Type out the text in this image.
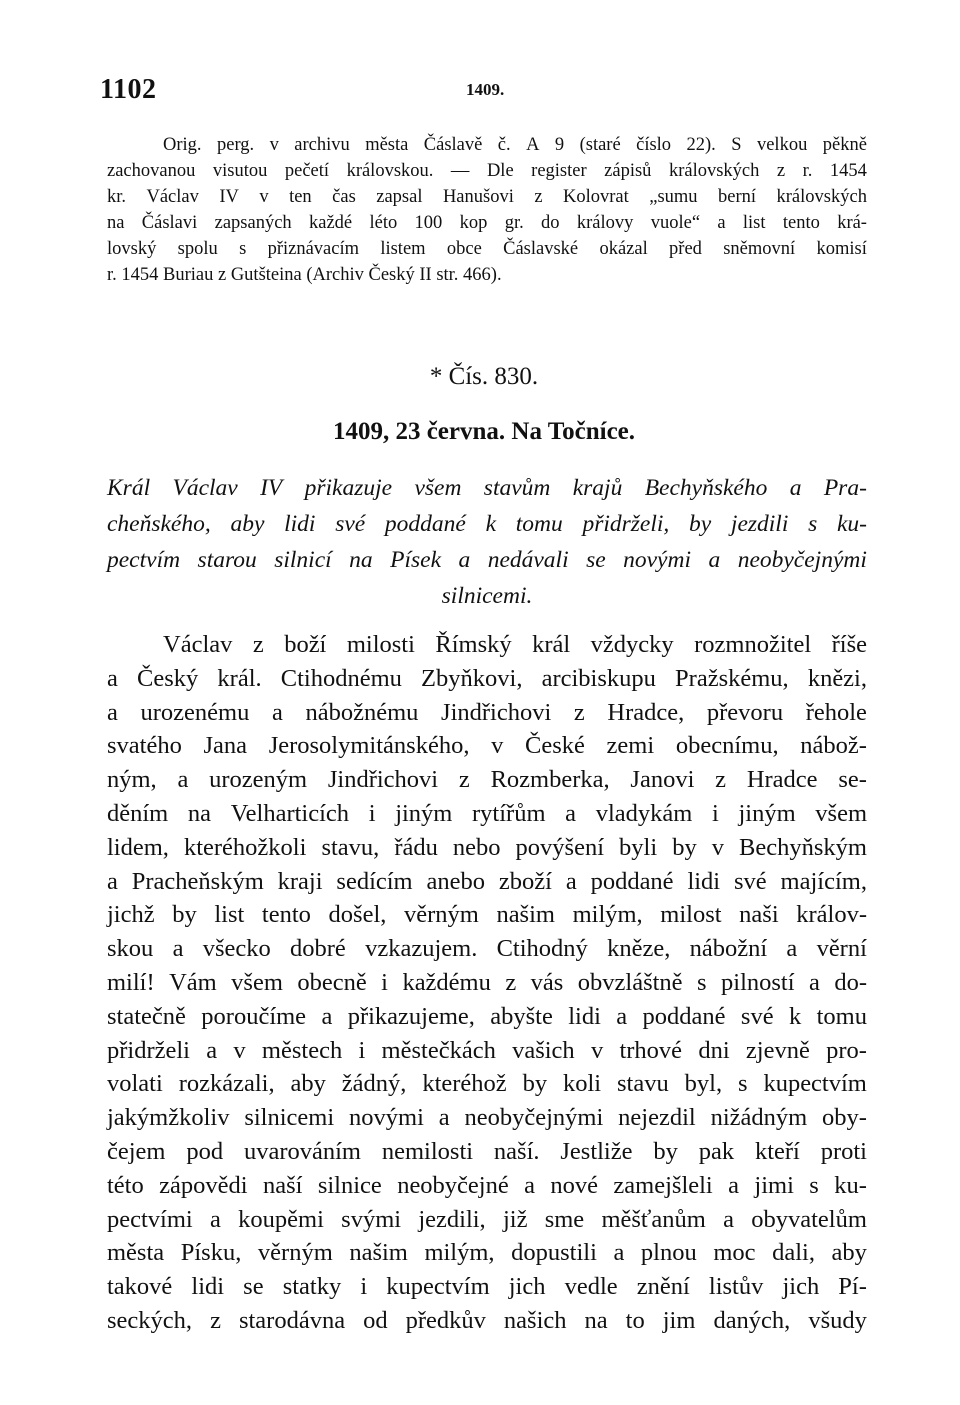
1102	1409.
Orig. perg. v archivu města Čáslavě č. A 9 (staré číslo 22). S velkou pěkně
zachovanou visutou pečetí královskou. — Dle register zápisů královských z r. 1454
kr. Václav IV v ten čas zapsal Hanušovi z Kolovrat „sumu berní královských
na Čáslavi zapsaných každé léto 100 kop gr. do královy vuole“ a list tento krá-
lovský spolu s přiznávacím listem obce Čáslavské okázal před sněmovní komisí
r. 1454 Buriau z Gutšteina (Archiv Český II str. 466).
* Čís. 830.
1409, 23 června. Na Točníce.
Král Václav IV přikazuje všem stavům krajů Bechyňského a Pra-
cheňského, aby lidi své poddané k tomu přidrželi, by jezdili s ku-
pectvím starou silnicí na Písek a nedávali se novými a neobyčejnými
silnicemi.
Václav z boží milosti Římský král vždycky rozmnožitel říše
a Český král. Ctihodnému Zbyňkovi, arcibiskupu Pražskému, knězi,
a urozenému a nábožnému Jindřichovi z Hradce, převoru řehole
svatého Jana Jerosolymitánského, v České zemi obecnímu, nábož-
ným, a urozeným Jindřichovi z Rozmberka, Janovi z Hradce se-
děním na Velharticích i jiným rytířům a vladykám i jiným všem
lidem, kteréhožkoli stavu, řádu nebo povýšení byli by v Bechyňským
a Pracheňským kraji sedícím anebo zboží a poddané lidi své majícím,
jichž by list tento došel, věrným našim milým, milost naši králov-
skou a všecko dobré vzkazujem. Ctihodný kněze, nábožní a věrní
milí! Vám všem obecně i každému z vás obvzláštně s pilností a do-
statečně poroučíme a přikazujeme, abyšte lidi a poddané své k tomu
přidrželi a v městech i městečkách vašich v trhové dni zjevně pro-
volati rozkázali, aby žádný, kteréhož by koli stavu byl, s kupectvím
jakýmžkoliv silnicemi novými a neobyčejnými nejezdil nižádným oby-
čejem pod uvarováním nemilosti naší. Jestliže by pak kteří proti
této zápovědi naší silnice neobyčejné a nové zamejšleli a jimi s ku-
pectvími a koupěmi svými jezdili, již sme měšťanům a obyvatelům
města Písku, věrným našim milým, dopustili a plnou moc dali, aby
takové lidi se statky i kupectvím jich vedle znění listův jich Pí-
seckých, z starodávna od předkův našich na to jim daných, všudy
